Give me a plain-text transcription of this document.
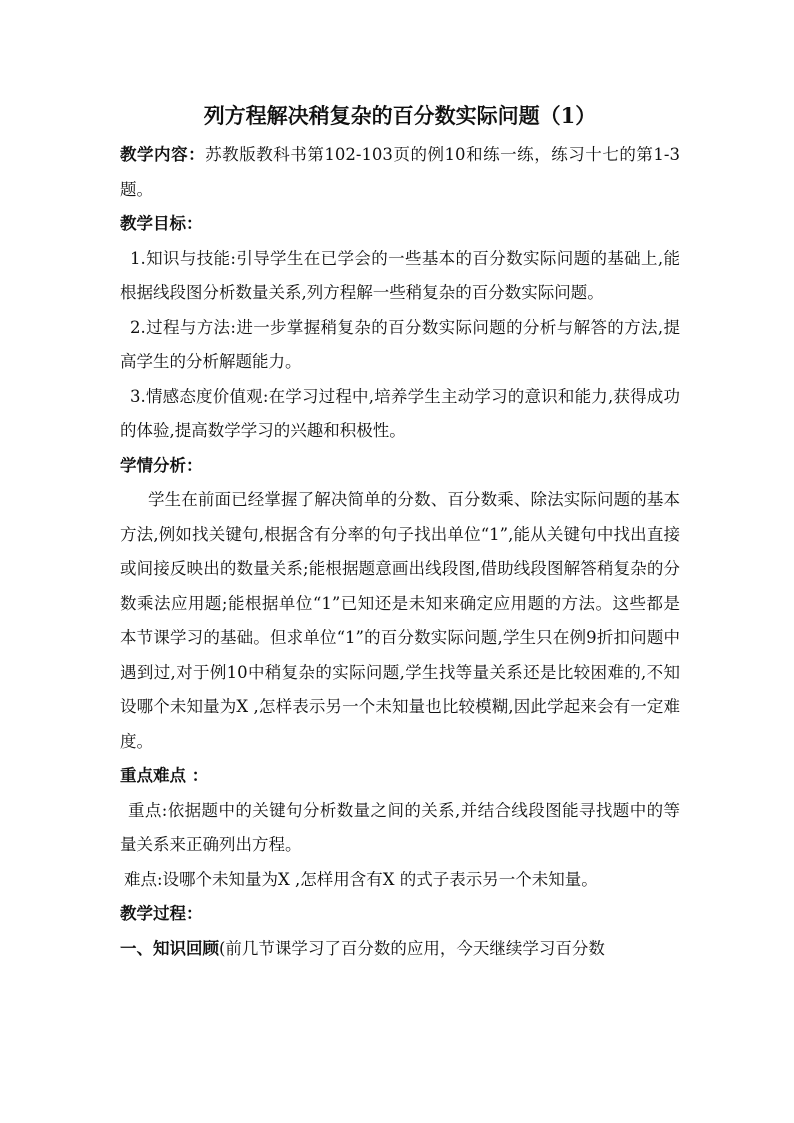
列方程解决稍复杂的百分数实际问题（1）

教学内容：苏教版教科书第102-103页的例10和练一练，练习十七的第1-3题。

教学目标：

1.知识与技能:引导学生在已学会的一些基本的百分数实际问题的基础上,能根据线段图分析数量关系,列方程解一些稍复杂的百分数实际问题。

2.过程与方法:进一步掌握稍复杂的百分数实际问题的分析与解答的方法,提高学生的分析解题能力。

3.情感态度价值观:在学习过程中,培养学生主动学习的意识和能力,获得成功的体验,提高数学学习的兴趣和积极性。

学情分析：

学生在前面已经掌握了解决简单的分数、百分数乘、除法实际问题的基本方法,例如找关键句,根据含有分率的句子找出单位“1”,能从关键句中找出直接或间接反映出的数量关系;能根据题意画出线段图,借助线段图解答稍复杂的分数乘法应用题;能根据单位“1”已知还是未知来确定应用题的方法。这些都是本节课学习的基础。但求单位“1”的百分数实际问题,学生只在例9折扣问题中遇到过,对于例10中稍复杂的实际问题,学生找等量关系还是比较困难的,不知设哪个未知量为X ,怎样表示另一个未知量也比较模糊,因此学起来会有一定难度。

重点难点 ：

重点:依据题中的关键句分析数量之间的关系,并结合线段图能寻找题中的等量关系来正确列出方程。

难点:设哪个未知量为X ,怎样用含有X 的式子表示另一个未知量。

教学过程：

一、知识回顾(前几节课学习了百分数的应用，今天继续学习百分数
